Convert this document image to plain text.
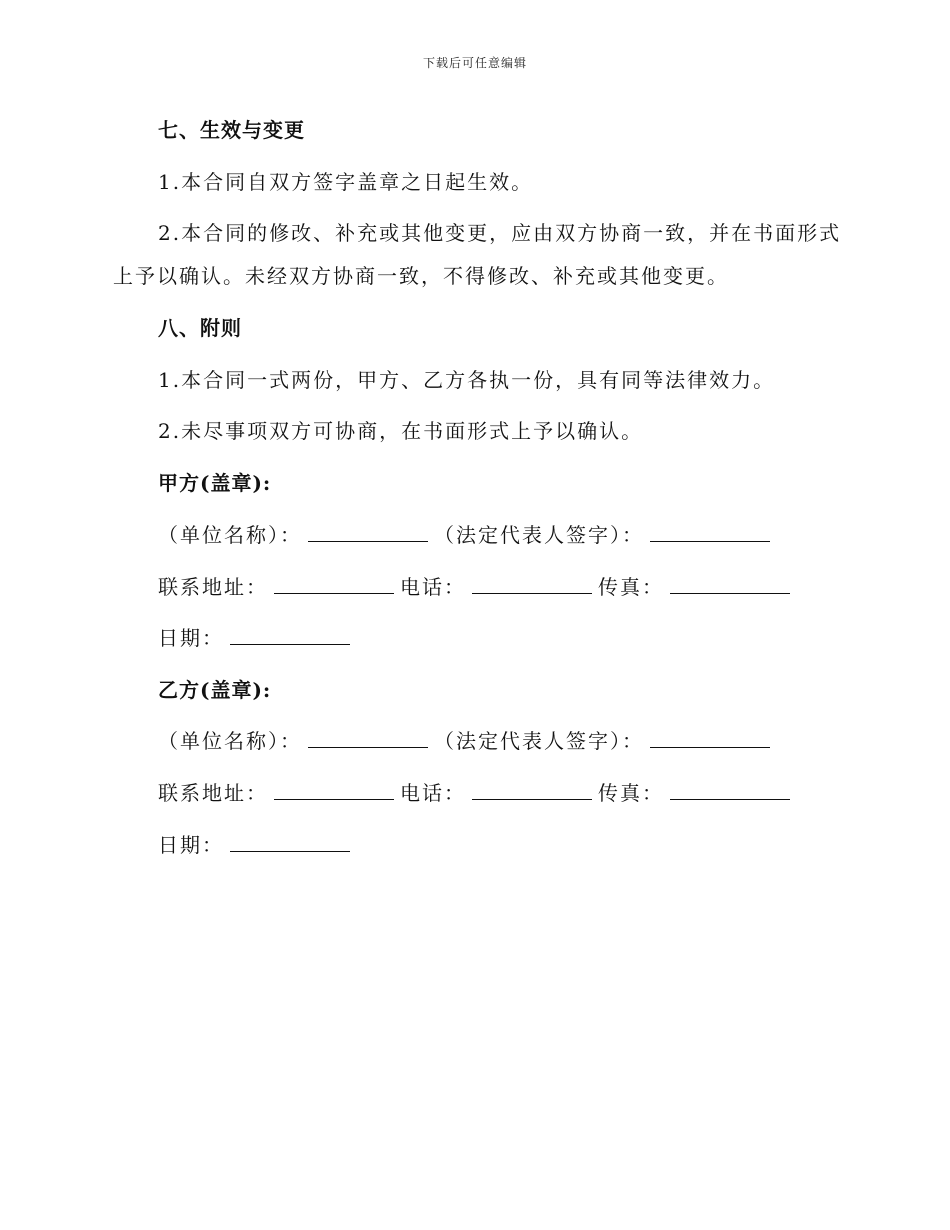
下载后可任意编辑
七、生效与变更
1.本合同自双方签字盖章之日起生效。
2.本合同的修改、补充或其他变更，应由双方协商一致，并在书面形式
上予以确认。未经双方协商一致，不得修改、补充或其他变更。
八、附则
1.本合同一式两份，甲方、乙方各执一份，具有同等法律效力。
2.未尽事项双方可协商，在书面形式上予以确认。
甲方(盖章):
（单位名称）：	（法定代表人签字）：
联系地址：	电话：	传真：
日期：
乙方(盖章):
（单位名称）：	（法定代表人签字）：
联系地址：	电话：	传真：
日期：
